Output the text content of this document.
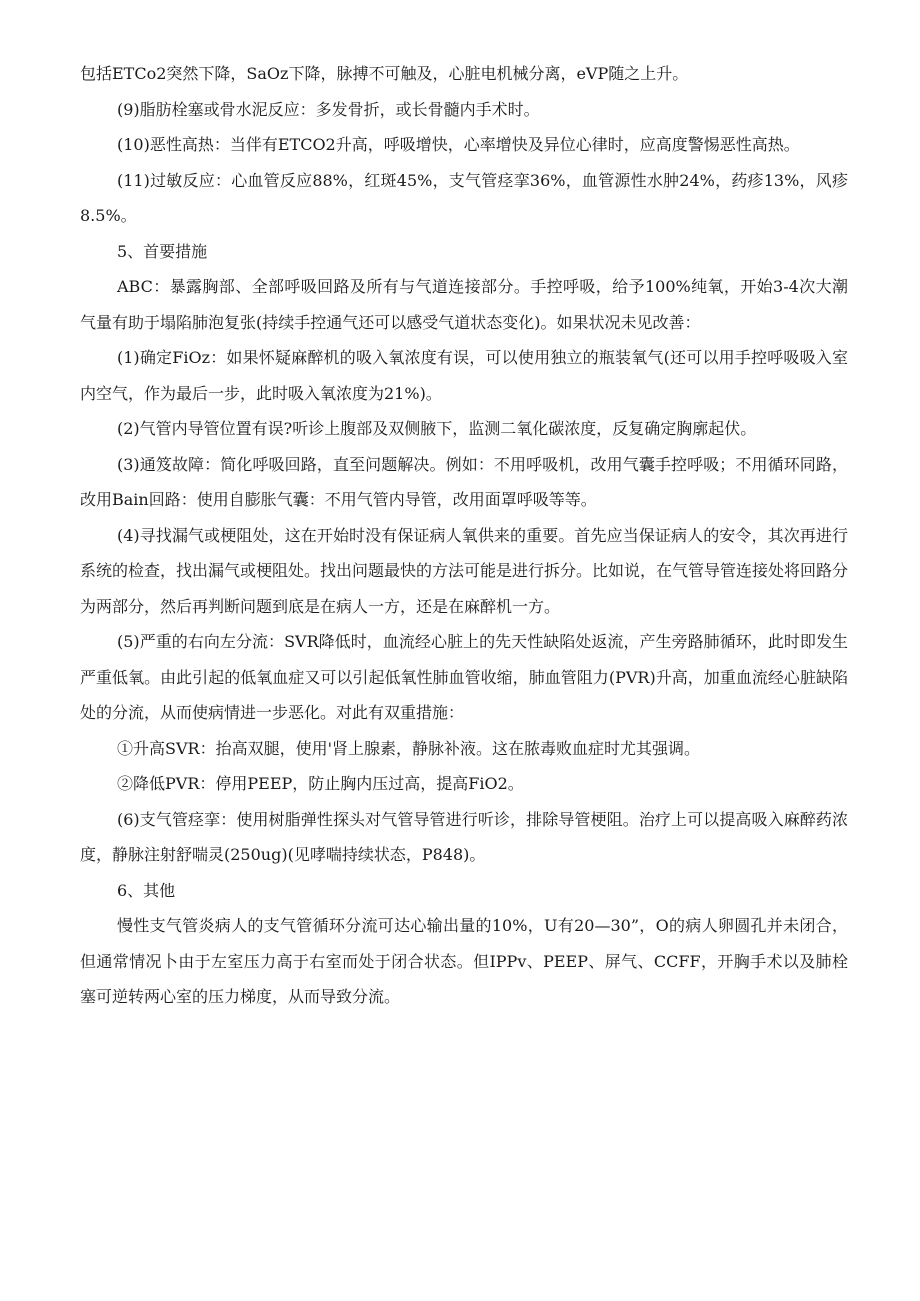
包括ETCo2突然下降，SaOz下降，脉搏不可触及，心脏电机械分离，eVP随之上升。

(9)脂肪栓塞或骨水泥反应：多发骨折，或长骨髓内手术时。

(10)恶性高热：当伴有ETCO2升高，呼吸增快，心率增快及异位心律时，应高度警惕恶性高热。

(11)过敏反应：心血管反应88%，红斑45%，支气管痉挛36%，血管源性水肿24%，药疹13%，风疹8.5%。

5、首要措施

ABC：暴露胸部、全部呼吸回路及所有与气道连接部分。手控呼吸，给予100%纯氧，开始3-4次大潮气量有助于塌陷肺泡复张(持续手控通气还可以感受气道状态变化)。如果状况未见改善：

(1)确定FiOz：如果怀疑麻醉机的吸入氧浓度有误，可以使用独立的瓶装氧气(还可以用手控呼吸吸入室内空气，作为最后一步，此时吸入氧浓度为21%)。

(2)气管内导管位置有误?听诊上腹部及双侧腋下，监测二氧化碳浓度，反复确定胸廓起伏。

(3)通笈故障：简化呼吸回路，直至问题解决。例如：不用呼吸机，改用气囊手控呼吸；不用循环同路，改用Bain回路：使用自膨胀气囊：不用气管内导管，改用面罩呼吸等等。

(4)寻找漏气或梗阻处，这在开始时没有保证病人氧供来的重要。首先应当保证病人的安令，其次再进行系统的检查，找出漏气或梗阻处。找出问题最快的方法可能是进行拆分。比如说，在气管导管连接处将回路分为两部分，然后再判断问题到底是在病人一方，还是在麻醉机一方。

(5)严重的右向左分流：SVR降低时，血流经心脏上的先天性缺陷处返流，产生旁路肺循环，此时即发生严重低氧。由此引起的低氧血症又可以引起低氧性肺血管收缩，肺血管阻力(PVR)升高，加重血流经心脏缺陷处的分流，从而使病情进一步恶化。对此有双重措施：

①升高SVR：抬高双腿，使用'肾上腺素，静脉补液。这在脓毒败血症时尤其强调。

②降低PVR：停用PEEP，防止胸内压过高，提高FiO2。

(6)支气管痉挛：使用树脂弹性探头对气管导管进行听诊，排除导管梗阻。治疗上可以提高吸入麻醉药浓度，静脉注射舒喘灵(250ug)(见哮喘持续状态，P848)。

6、其他

慢性支气管炎病人的支气管循环分流可达心输出量的10%，U有20—30”，O的病人卵圆孔并未闭合，但通常情况卜由于左室压力高于右室而处于闭合状态。但IPPv、PEEP、屏气、CCFF，开胸手术以及肺栓塞可逆转两心室的压力梯度，从而导致分流。
